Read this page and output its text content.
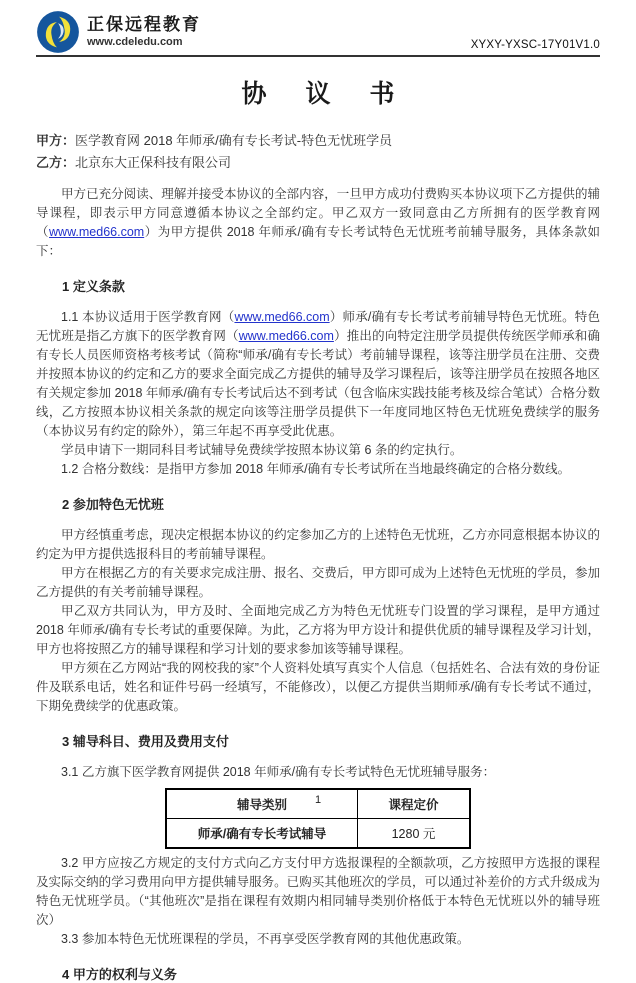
正保远程教育
www.cdeledu.com	XYXY-YXSC-17Y01V1.0
协 议 书
甲方：医学教育网 2018 年师承/确有专长考试-特色无忧班学员
乙方：北京东大正保科技有限公司

甲方已充分阅读、理解并接受本协议的全部内容，一旦甲方成功付费购买本协议项下乙方提供的辅导课程，即表示甲方同意遵循本协议之全部约定。甲乙双方一致同意由乙方所拥有的医学教育网（www.med66.com）为甲方提供 2018 年师承/确有专长考试特色无忧班考前辅导服务，具体条款如下：

1 定义条款

1.1 本协议适用于医学教育网（www.med66.com）师承/确有专长考试考前辅导特色无忧班。特色无忧班是指乙方旗下的医学教育网（www.med66.com）推出的向特定注册学员提供传统医学师承和确有专长人员医师资格考核考试（简称“师承/确有专长考试）考前辅导课程，该等注册学员在注册、交费并按照本协议的约定和乙方的要求全面完成乙方提供的辅导及学习课程后，该等注册学员在按照各地区有关规定参加 2018 年师承/确有专长考试后达不到考试（包含临床实践技能考核及综合笔试）合格分数线，乙方按照本协议相关条款的规定向该等注册学员提供下一年度同地区特色无忧班免费续学的服务（本协议另有约定的除外），第三年起不再享受此优惠。

学员申请下一期同科目考试辅导免费续学按照本协议第 6 条的约定执行。

1.2 合格分数线：是指甲方参加 2018 年师承/确有专长考试所在当地最终确定的合格分数线。

2 参加特色无忧班

甲方经慎重考虑，现决定根据本协议的约定参加乙方的上述特色无忧班，乙方亦同意根据本协议的约定为甲方提供选报科目的考前辅导课程。

甲方在根据乙方的有关要求完成注册、报名、交费后，甲方即可成为上述特色无忧班的学员，参加乙方提供的有关考前辅导课程。

甲乙双方共同认为，甲方及时、全面地完成乙方为特色无忧班专门设置的学习课程，是甲方通过 2018 年师承/确有专长考试的重要保障。为此，乙方将为甲方设计和提供优质的辅导课程及学习计划，甲方也将按照乙方的辅导课程和学习计划的要求参加该等辅导课程。

甲方须在乙方网站“我的网校我的家”个人资料处填写真实个人信息（包括姓名、合法有效的身份证件及联系电话，姓名和证件号码一经填写，不能修改），以便乙方提供当期师承/确有专长考试不通过，下期免费续学的优惠政策。

3 辅导科目、费用及费用支付

3.1 乙方旗下医学教育网提供 2018 年师承/确有专长考试特色无忧班辅导服务：

辅导类别	课程定价
师承/确有专长考试辅导	1280 元

3.2 甲方应按乙方规定的支付方式向乙方支付甲方选报课程的全额款项，乙方按照甲方选报的课程及实际交纳的学习费用向甲方提供辅导服务。已购买其他班次的学员，可以通过补差价的方式升级成为特色无忧班学员。（“其他班次”是指在课程有效期内相同辅导类别价格低于本特色无忧班以外的辅导班次）

3.3 参加本特色无忧班课程的学员，不再享受医学教育网的其他优惠政策。

4 甲方的权利与义务
1
